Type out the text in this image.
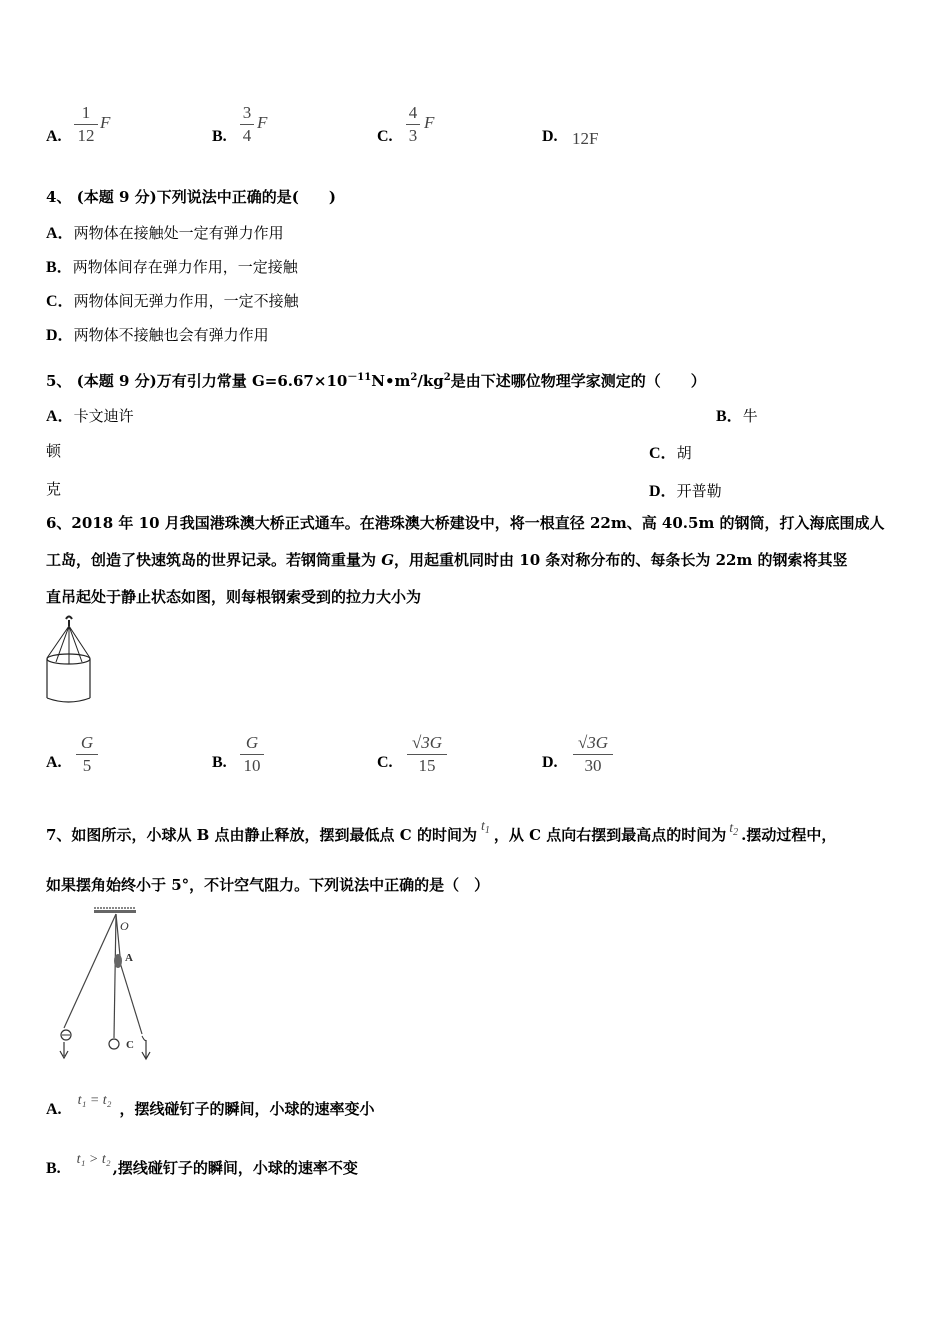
A.
1
12
F
B.
3
4
F
C.
4
3
F
D. 12F
4、 (本题 9 分)下列说法中正确的是(　　)
A．两物体在接触处一定有弹力作用
B．两物体间存在弹力作用，一定接触
C．两物体间无弹力作用，一定不接触
D．两物体不接触也会有弹力作用
5、 (本题 9 分)万有引力常量 $G=6.67\times 10^{-11}N•m^2/kg^2$是由下述哪位物理学家测定的（　　）
A．卡文迪许	B．牛
顿	C．胡
克	D．开普勒
6、2018 年 10 月我国港珠澳大桥正式通车。在港珠澳大桥建设中，将一根直径 22m、高 40.5m 的钢筒，打入海底围成人
工岛，创造了快速筑岛的世界记录。若钢筒重量为 G，用起重机同时由 10 条对称分布的、每条长为 22m 的钢索将其竖
直吊起处于静止状态如图，则每根钢索受到的拉力大小为
A.
G
5	B.
G
10	C.
√3G
15	D.
√3G
30
7、如图所示，小球从 B 点由静止释放，摆到最低点 C 的时间为 $t_1$ ，从 C 点向右摆到最高点的时间为 $t_2$ .摆动过程中，
如果摆角始终小于 5°，不计空气阻力。下列说法中正确的是（　）
O
A
C
A.t₁ = t₂ ，摆线碰钉子的瞬间，小球的速率变小
B.t₁ > t₂ ,摆线碰钉子的瞬间，小球的速率不变
